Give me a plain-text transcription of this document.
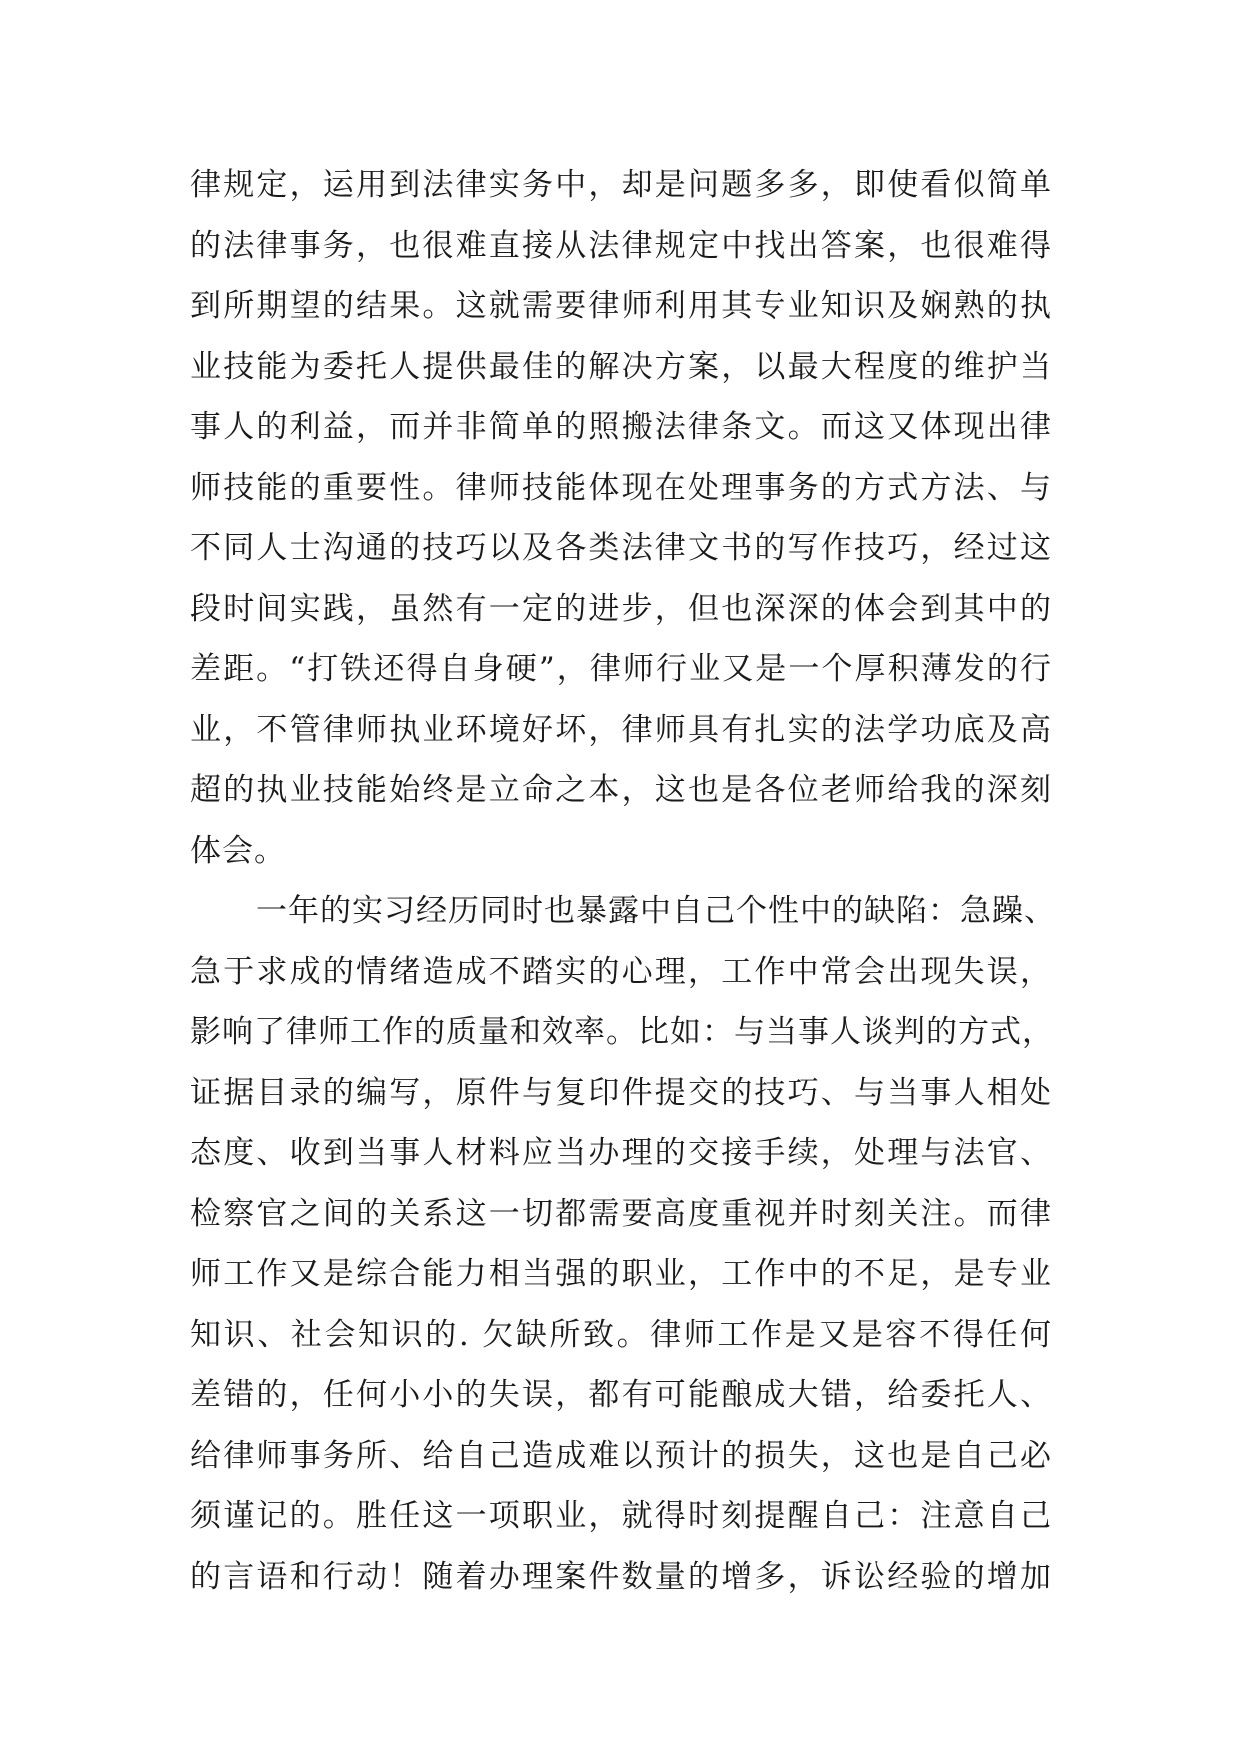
律规定，运用到法律实务中，却是问题多多，即使看似简单
的法律事务，也很难直接从法律规定中找出答案，也很难得
到所期望的结果。这就需要律师利用其专业知识及娴熟的执
业技能为委托人提供最佳的解决方案，以最大程度的维护当
事人的利益，而并非简单的照搬法律条文。而这又体现出律
师技能的重要性。律师技能体现在处理事务的方式方法、与
不同人士沟通的技巧以及各类法律文书的写作技巧，经过这
段时间实践，虽然有一定的进步，但也深深的体会到其中的
差距。“打铁还得自身硬”，律师行业又是一个厚积薄发的行
业，不管律师执业环境好坏，律师具有扎实的法学功底及高
超的执业技能始终是立命之本，这也是各位老师给我的深刻
体会。
一年的实习经历同时也暴露中自己个性中的缺陷：急躁、
急于求成的情绪造成不踏实的心理，工作中常会出现失误，
影响了律师工作的质量和效率。比如：与当事人谈判的方式，
证据目录的编写，原件与复印件提交的技巧、与当事人相处
态度、收到当事人材料应当办理的交接手续，处理与法官、
检察官之间的关系这一切都需要高度重视并时刻关注。而律
师工作又是综合能力相当强的职业，工作中的不足，是专业
知识、社会知识的. 欠缺所致。律师工作是又是容不得任何
差错的，任何小小的失误，都有可能酿成大错，给委托人、
给律师事务所、给自己造成难以预计的损失，这也是自己必
须谨记的。胜任这一项职业，就得时刻提醒自己：注意自己
的言语和行动！随着办理案件数量的增多，诉讼经验的增加
